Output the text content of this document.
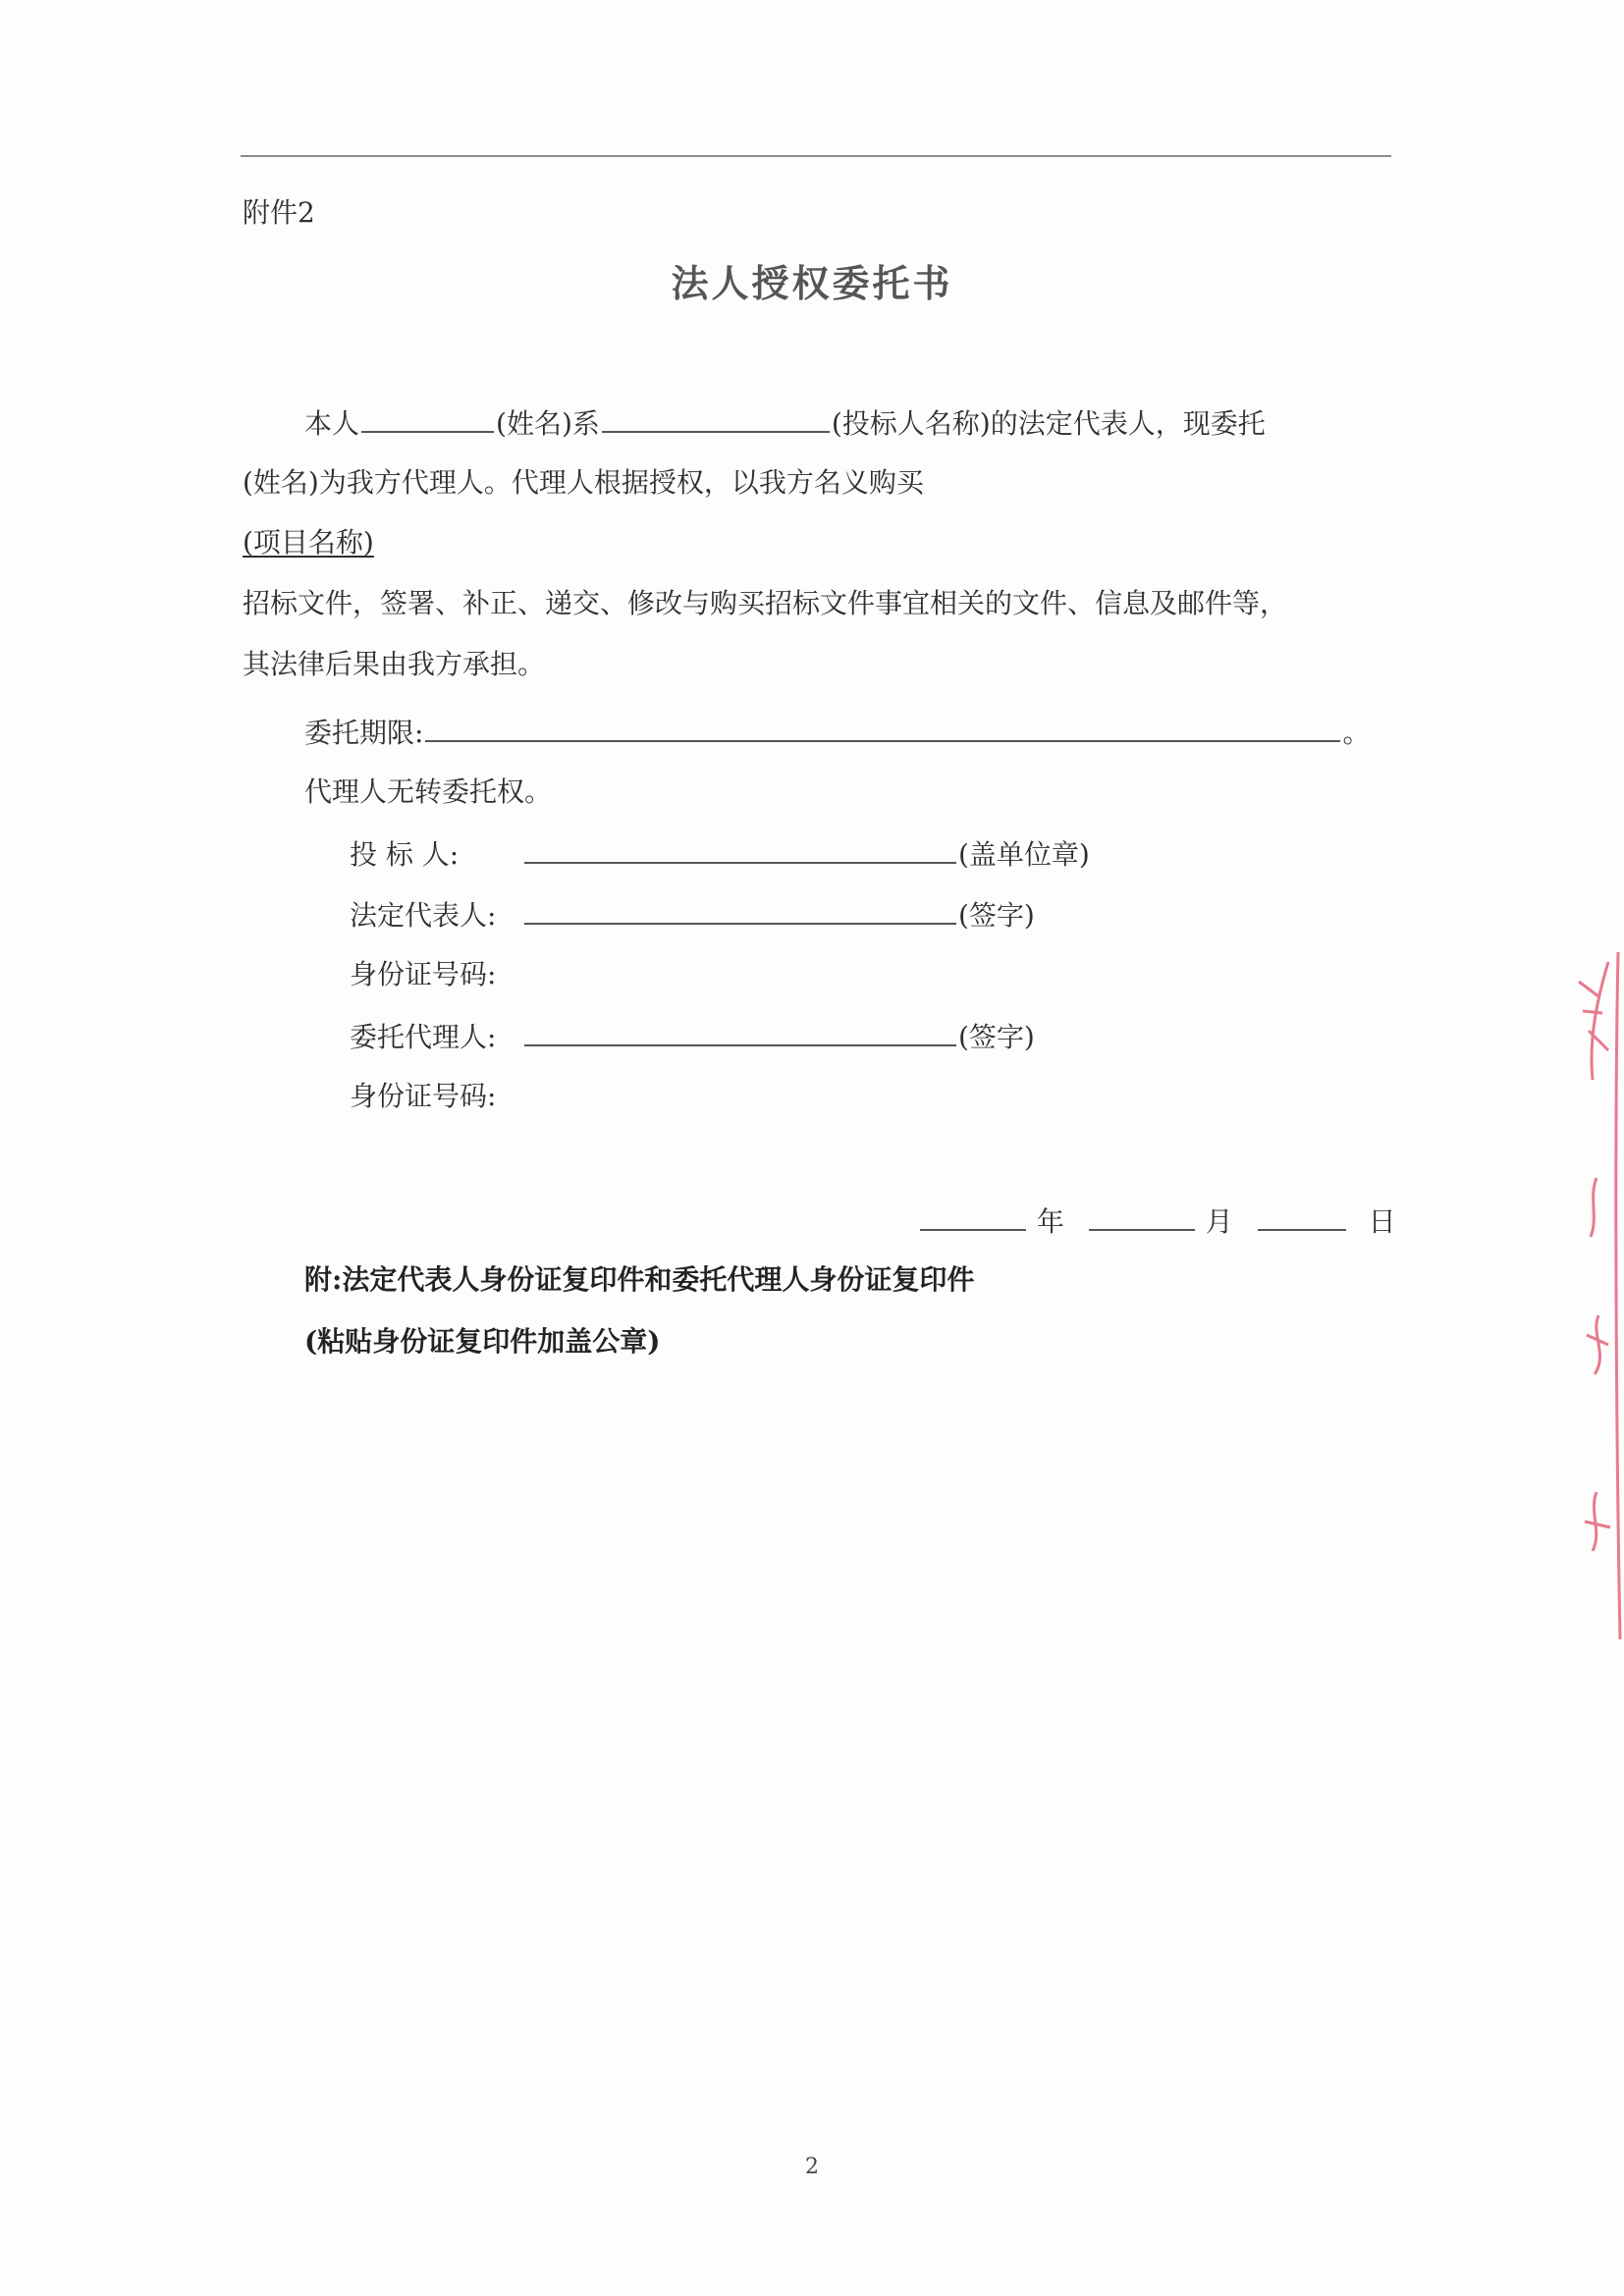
附件2
法人授权委托书
本人	(姓名)系	(投标人名称)的法定代表人，现委托
(姓名)为我方代理人。代理人根据授权，以我方名义购买
(项目名称)
招标文件，签署、补正、递交、修改与购买招标文件事宜相关的文件、信息及邮件等，
其法律后果由我方承担。
委托期限:	。
代理人无转委托权。
投 标 人:	(盖单位章)
法定代表人:	(签字)
身份证号码:
委托代理人:	(签字)
身份证号码:
年	月	日
附:法定代表人身份证复印件和委托代理人身份证复印件
(粘贴身份证复印件加盖公章)
2
